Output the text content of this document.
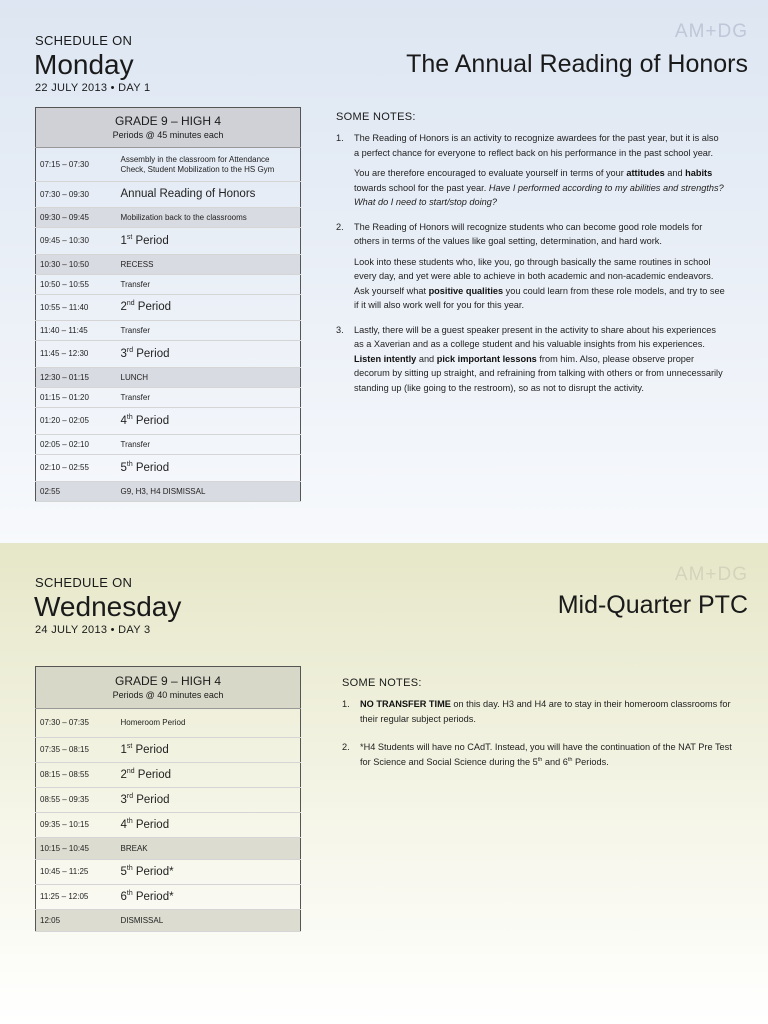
AM+DG
SCHEDULE ON
Monday
22 JULY 2013 • DAY 1
The Annual Reading of Honors
GRADE 9 – HIGH 4
Periods @ 45 minutes each	

07:15 – 07:30	Assembly in the classroom for Attendance Check, Student Mobilization to the HS Gym
07:30 – 09:30	Annual Reading of Honors
09:30 – 09:45	Mobilization back to the classrooms
09:45 – 10:30	1st Period
10:30 – 10:50	RECESS
10:50 – 10:55	Transfer
10:55 – 11:40	2nd Period
11:40 – 11:45	Transfer
11:45 – 12:30	3rd Period
12:30 – 01:15	LUNCH
01:15 – 01:20	Transfer
01:20 – 02:05	4th Period
02:05 – 02:10	Transfer
02:10 – 02:55	5th Period
02:55	G9, H3, H4 DISMISSAL
SOME NOTES:
1. The Reading of Honors is an activity to recognize awardees for the past year, but it is also a perfect chance for everyone to reflect back on his performance in the past school year.

You are therefore encouraged to evaluate yourself in terms of your attitudes and habits towards school for the past year. Have I performed according to my abilities and strengths? What do I need to start/stop doing?

2. The Reading of Honors will recognize students who can become good role models for others in terms of the values like goal setting, determination, and hard work.

Look into these students who, like you, go through basically the same routines in school every day, and yet were able to achieve in both academic and non-academic endeavors. Ask yourself what positive qualities you could learn from these role models, and try to see if it will also work well for you for this year.

3. Lastly, there will be a guest speaker present in the activity to share about his experiences as a Xaverian and as a college student and his valuable insights from his experiences. Listen intently and pick important lessons from him. Also, please observe proper decorum by sitting up straight, and refraining from talking with others or from unnecessarily standing up (like going to the restroom), so as not to disrupt the activity.

AM+DG
SCHEDULE ON
Wednesday
24 JULY 2013 • DAY 3
Mid-Quarter PTC
GRADE 9 – HIGH 4
Periods @ 40 minutes each	

07:30 – 07:35	Homeroom Period
07:35 – 08:15	1st Period
08:15 – 08:55	2nd Period
08:55 – 09:35	3rd Period
09:35 – 10:15	4th Period
10:15 – 10:45	BREAK
10:45 – 11:25	5th Period*
11:25 – 12:05	6th Period*
12:05	DISMISSAL
SOME NOTES:
1. NO TRANSFER TIME on this day. H3 and H4 are to stay in their homeroom classrooms for their regular subject periods.

2. *H4 Students will have no CAdT. Instead, you will have the continuation of the NAT Pre Test for Science and Social Science during the 5th and 6th Periods.
